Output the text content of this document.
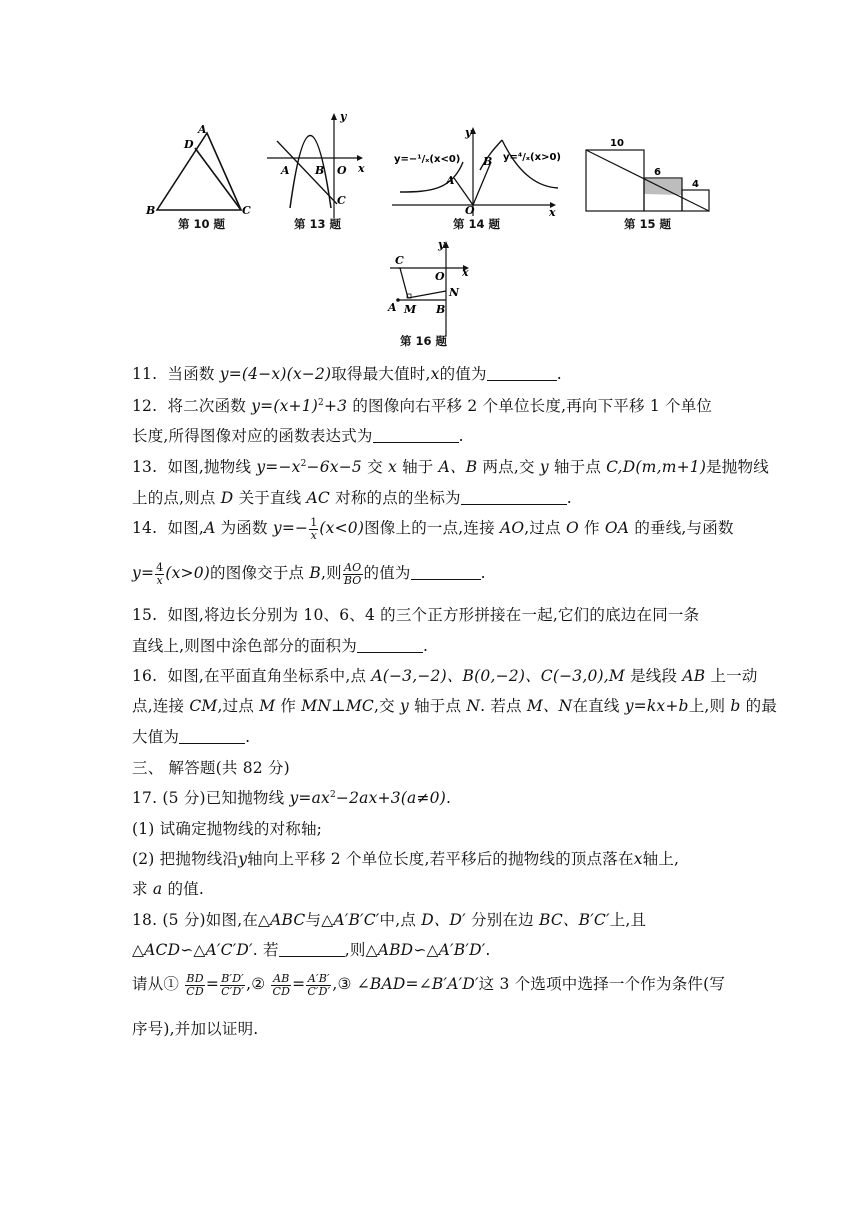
A
D
B	C
第 10 题
A B O
C
x
y
第 13 题
y=−¹/ₓ(x<0)	y=⁴/ₓ(x>0)
A
B
O	x
y
第 14 题
10
6
4
第 15 题
C
O x
y
N
A M B
第 16 题
11. 当函数 y=(4−x)(x−2)取得最大值时,x的值为	.
12. 将二次函数 $y=(x+1)^2+3$ 的图像向右平移 2 个单位长度,再向下平移 1 个单位
长度,所得图像对应的函数表达式为	.
13. 如图,抛物线 $y=-x^2-6x-5$ 交 x 轴于 A、B 两点,交 y 轴于点 C,D(m,m+1)是抛物线
上的点,则点 D 关于直线 AC 对称的点的坐标为	.
14. 如图,A 为函数 $y=- \frac{1}{x} (x<0)$图像上的一点,连接 AO,过点 O 作 OA 的垂线,与函数
$y= \frac{4}{x} (x>0)$的图像交于点 B,则 $\frac{AO}{BO}$ 的值为	.
15. 如图,将边长分别为 10、6、4 的三个正方形拼接在一起,它们的底边在同一条
直线上,则图中涂色部分的面积为	.
16. 如图,在平面直角坐标系中,点 A(−3,−2)、B(0,−2)、C(−3,0),M 是线段 AB 上一动
点,连接 CM,过点 M 作 MN⊥MC,交 y 轴于点 N. 若点 M、N在直线 y=kx+b上,则 b 的最
大值为	.
三、 解答题(共 82 分)
17. (5 分)已知抛物线 $y=ax^2-2ax+3(a\ne 0)$.
(1) 试确定抛物线的对称轴;
(2) 把抛物线沿y轴向上平移 2 个单位长度,若平移后的抛物线的顶点落在x轴上,
求 a 的值.
18. (5 分)如图,在△ABC与△A′B′C′中,点 D、D′ 分别在边 BC、B′C′上,且
△ACD∽△A′C′D′. 若	,则△ABD∽△A′B′D′.
请从① $\frac{BD}{CD} = \frac{B'D'}{C'D'}$ ,② $\frac{AB}{CD} = \frac{A'B'}{C'D'}$ ,③ ∠BAD=∠B′A′D′这 3 个选项中选择一个作为条件(写
序号),并加以证明.
